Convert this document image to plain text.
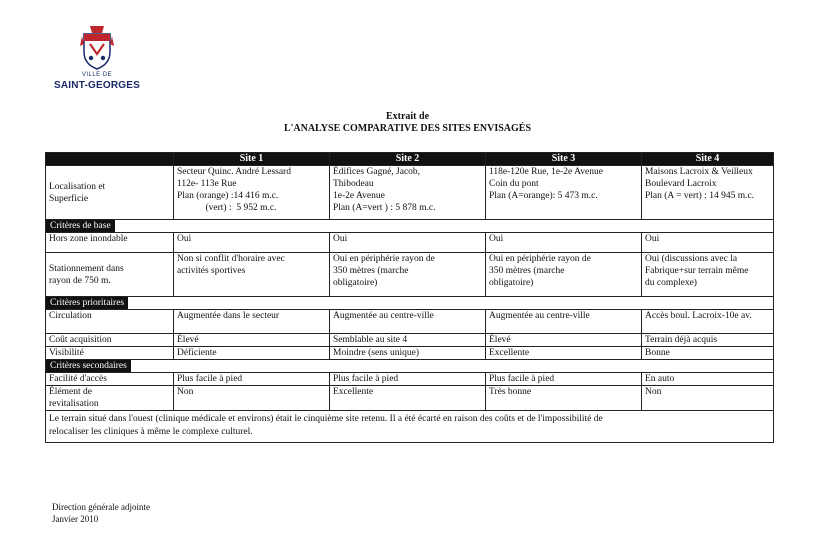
VILLE DE
SAINT-GEORGES
Extrait de
L'ANALYSE COMPARATIVE DES SITES ENVISAGÉS
	Site 1	Site 2	Site 3	Site 4

Localisation et
Superficie	Secteur Quinc. André Lessard
112e- 113e Rue
Plan (orange) :14 416 m.c.
(vert) :  5 952 m.c.	Édifices Gagné, Jacob,
Thibodeau
1e-2e Avenue
Plan (A=vert ) : 5 878 m.c.	118e-120e Rue, 1e-2e Avenue
Coin du pont
Plan (A=orange): 5 473 m.c.	Maisons Lacroix & Veilleux
Boulevard Lacroix
Plan (A = vert) : 14 945 m.c.

Critères de base				
Hors zone inondable	Oui	Oui	Oui	Oui

Stationnement dans
rayon de 750 m.	Non si conflit d'horaire avec
activités sportives	Oui en périphérie rayon de
350 mètres (marche
obligatoire)	Oui en périphérie rayon de
350 mètres (marche
obligatoire)	Oui (discussions avec la
Fabrique+sur terrain même
du complexe)

Critères prioritaires				
Circulation	Augmentée dans le secteur	Augmentée au centre-ville	Augmentée au centre-ville	Accès boul. Lacroix-10e av.
Coût acquisition	Élevé	Semblable au site 4	Élevé	Terrain déjà acquis
Visibilité	Déficiente	Moindre (sens unique)	Excellente	Bonne
Critères secondaires				
Facilité d'accès	Plus facile à pied	Plus facile à pied	Plus facile à pied	En auto

Élément de
revitalisation	Non	Excellente	Très bonne	Non

Le terrain situé dans l'ouest (clinique médicale et environs) était le cinquième site retenu. Il a été écarté en raison des coûts et de l'impossibilité de
relocaliser les cliniques à même le complexe culturel.				
Direction générale adjointe
Janvier 2010
